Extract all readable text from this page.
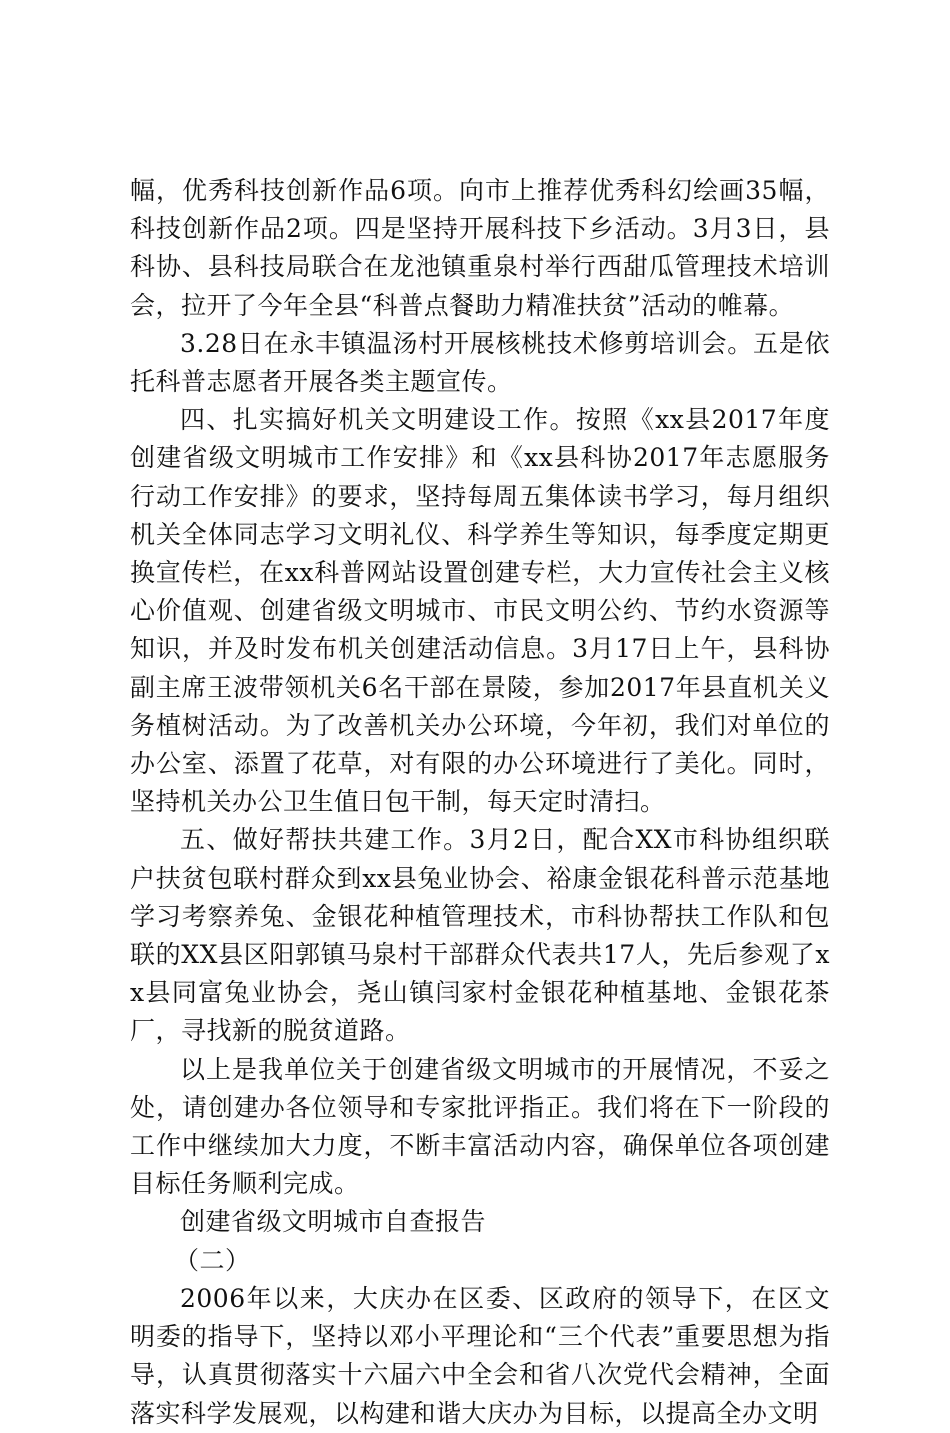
幅，优秀科技创新作品6项。向市上推荐优秀科幻绘画35幅，科技创新作品2项。四是坚持开展科技下乡活动。3月3日，县科协、县科技局联合在龙池镇重泉村举行西甜瓜管理技术培训会，拉开了今年全县“科普点餐助力精准扶贫”活动的帷幕。

3.28日在永丰镇温汤村开展核桃技术修剪培训会。五是依托科普志愿者开展各类主题宣传。

四、扎实搞好机关文明建设工作。按照《xx县2017年度创建省级文明城市工作安排》和《xx县科协2017年志愿服务行动工作安排》的要求，坚持每周五集体读书学习，每月组织机关全体同志学习文明礼仪、科学养生等知识，每季度定期更换宣传栏，在xx科普网站设置创建专栏，大力宣传社会主义核心价值观、创建省级文明城市、市民文明公约、节约水资源等知识，并及时发布机关创建活动信息。3月17日上午，县科协副主席王波带领机关6名干部在景陵，参加2017年县直机关义务植树活动。为了改善机关办公环境，今年初，我们对单位的办公室、添置了花草，对有限的办公环境进行了美化。同时，坚持机关办公卫生值日包干制，每天定时清扫。

五、做好帮扶共建工作。3月2日，配合XX市科协组织联户扶贫包联村群众到xx县兔业协会、裕康金银花科普示范基地学习考察养兔、金银花种植管理技术，市科协帮扶工作队和包联的XX县区阳郭镇马泉村干部群众代表共17人，先后参观了xx县同富兔业协会，尧山镇闫家村金银花种植基地、金银花茶厂，寻找新的脱贫道路。

以上是我单位关于创建省级文明城市的开展情况，不妥之处，请创建办各位领导和专家批评指正。我们将在下一阶段的工作中继续加大力度，不断丰富活动内容，确保单位各项创建目标任务顺利完成。

创建省级文明城市自查报告

（二）

2006年以来，大庆办在区委、区政府的领导下，在区文明委的指导下，坚持以邓小平理论和“三个代表”重要思想为指导，认真贯彻落实十六届六中全会和省八次党代会精神，全面落实科学发展观，以构建和谐大庆办为目标，以提高全办文明
